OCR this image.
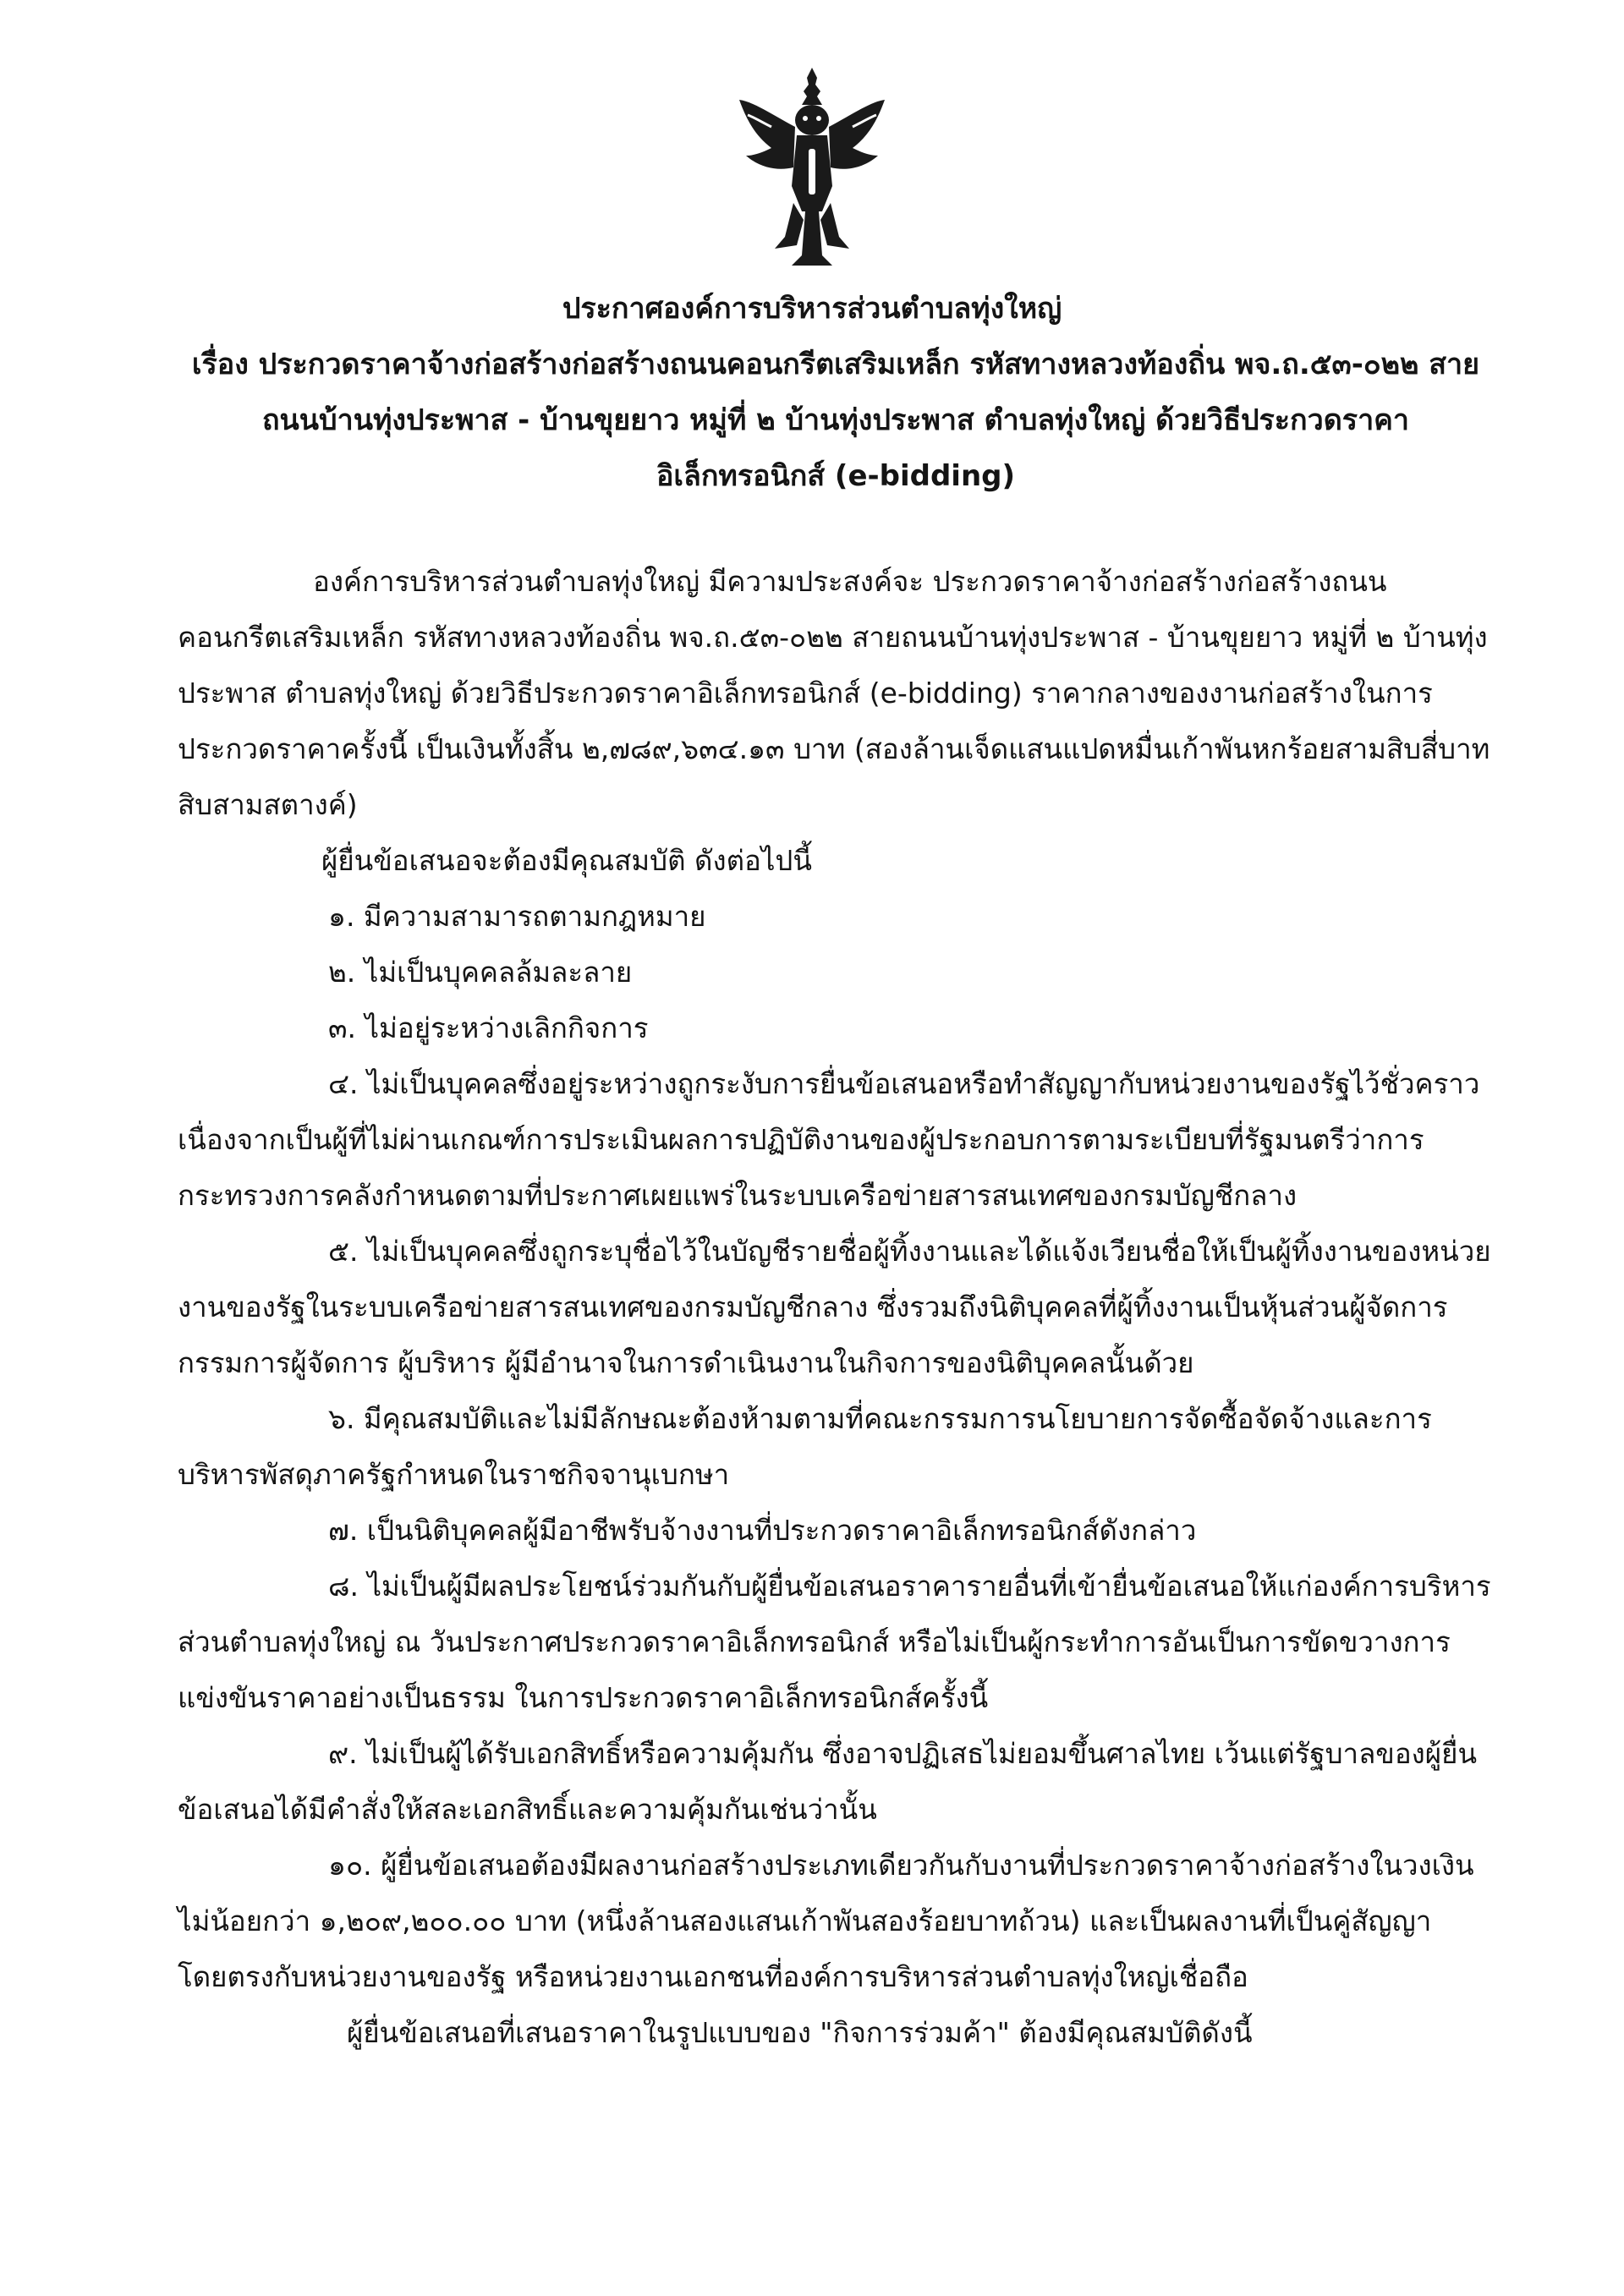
ประกาศองค์การบริหารส่วนตำบลทุ่งใหญ่
เรื่อง ประกวดราคาจ้างก่อสร้างก่อสร้างถนนคอนกรีตเสริมเหล็ก รหัสทางหลวงท้องถิ่น พจ.ถ.๕๓-๐๒๒ สายถนนบ้านทุ่งประพาส - บ้านขุยยาว หมู่ที่ ๒ บ้านทุ่งประพาส ตำบลทุ่งใหญ่ ด้วยวิธีประกวดราคาอิเล็กทรอนิกส์ (e-bidding)

องค์การบริหารส่วนตำบลทุ่งใหญ่ มีความประสงค์จะ ประกวดราคาจ้างก่อสร้างก่อสร้างถนนคอนกรีตเสริมเหล็ก รหัสทางหลวงท้องถิ่น พจ.ถ.๕๓-๐๒๒ สายถนนบ้านทุ่งประพาส - บ้านขุยยาว หมู่ที่ ๒ บ้านทุ่งประพาส ตำบลทุ่งใหญ่ ด้วยวิธีประกวดราคาอิเล็กทรอนิกส์ (e-bidding) ราคากลางของงานก่อสร้างในการประกวดราคาครั้งนี้ เป็นเงินทั้งสิ้น ๒,๗๘๙,๖๓๔.๑๓ บาท (สองล้านเจ็ดแสนแปดหมื่นเก้าพันหกร้อยสามสิบสี่บาทสิบสามสตางค์)

ผู้ยื่นข้อเสนอจะต้องมีคุณสมบัติ ดังต่อไปนี้

๑. มีความสามารถตามกฎหมาย

๒. ไม่เป็นบุคคลล้มละลาย

๓. ไม่อยู่ระหว่างเลิกกิจการ

๔. ไม่เป็นบุคคลซึ่งอยู่ระหว่างถูกระงับการยื่นข้อเสนอหรือทำสัญญากับหน่วยงานของรัฐไว้ชั่วคราวเนื่องจากเป็นผู้ที่ไม่ผ่านเกณฑ์การประเมินผลการปฏิบัติงานของผู้ประกอบการตามระเบียบที่รัฐมนตรีว่าการกระทรวงการคลังกำหนดตามที่ประกาศเผยแพร่ในระบบเครือข่ายสารสนเทศของกรมบัญชีกลาง

๕. ไม่เป็นบุคคลซึ่งถูกระบุชื่อไว้ในบัญชีรายชื่อผู้ทิ้งงานและได้แจ้งเวียนชื่อให้เป็นผู้ทิ้งงานของหน่วยงานของรัฐในระบบเครือข่ายสารสนเทศของกรมบัญชีกลาง ซึ่งรวมถึงนิติบุคคลที่ผู้ทิ้งงานเป็นหุ้นส่วนผู้จัดการ กรรมการผู้จัดการ ผู้บริหาร ผู้มีอำนาจในการดำเนินงานในกิจการของนิติบุคคลนั้นด้วย

๖. มีคุณสมบัติและไม่มีลักษณะต้องห้ามตามที่คณะกรรมการนโยบายการจัดซื้อจัดจ้างและการบริหารพัสดุภาครัฐกำหนดในราชกิจจานุเบกษา

๗. เป็นนิติบุคคลผู้มีอาชีพรับจ้างงานที่ประกวดราคาอิเล็กทรอนิกส์ดังกล่าว

๘. ไม่เป็นผู้มีผลประโยชน์ร่วมกันกับผู้ยื่นข้อเสนอราคารายอื่นที่เข้ายื่นข้อเสนอให้แก่องค์การบริหารส่วนตำบลทุ่งใหญ่ ณ วันประกาศประกวดราคาอิเล็กทรอนิกส์ หรือไม่เป็นผู้กระทำการอันเป็นการขัดขวางการแข่งขันราคาอย่างเป็นธรรม ในการประกวดราคาอิเล็กทรอนิกส์ครั้งนี้

๙. ไม่เป็นผู้ได้รับเอกสิทธิ์หรือความคุ้มกัน ซึ่งอาจปฏิเสธไม่ยอมขึ้นศาลไทย เว้นแต่รัฐบาลของผู้ยื่นข้อเสนอได้มีคำสั่งให้สละเอกสิทธิ์และความคุ้มกันเช่นว่านั้น

๑๐. ผู้ยื่นข้อเสนอต้องมีผลงานก่อสร้างประเภทเดียวกันกับงานที่ประกวดราคาจ้างก่อสร้างในวงเงินไม่น้อยกว่า ๑,๒๐๙,๒๐๐.๐๐ บาท (หนึ่งล้านสองแสนเก้าพันสองร้อยบาทถ้วน) และเป็นผลงานที่เป็นคู่สัญญาโดยตรงกับหน่วยงานของรัฐ หรือหน่วยงานเอกชนที่องค์การบริหารส่วนตำบลทุ่งใหญ่เชื่อถือ

ผู้ยื่นข้อเสนอที่เสนอราคาในรูปแบบของ "กิจการร่วมค้า" ต้องมีคุณสมบัติดังนี้
